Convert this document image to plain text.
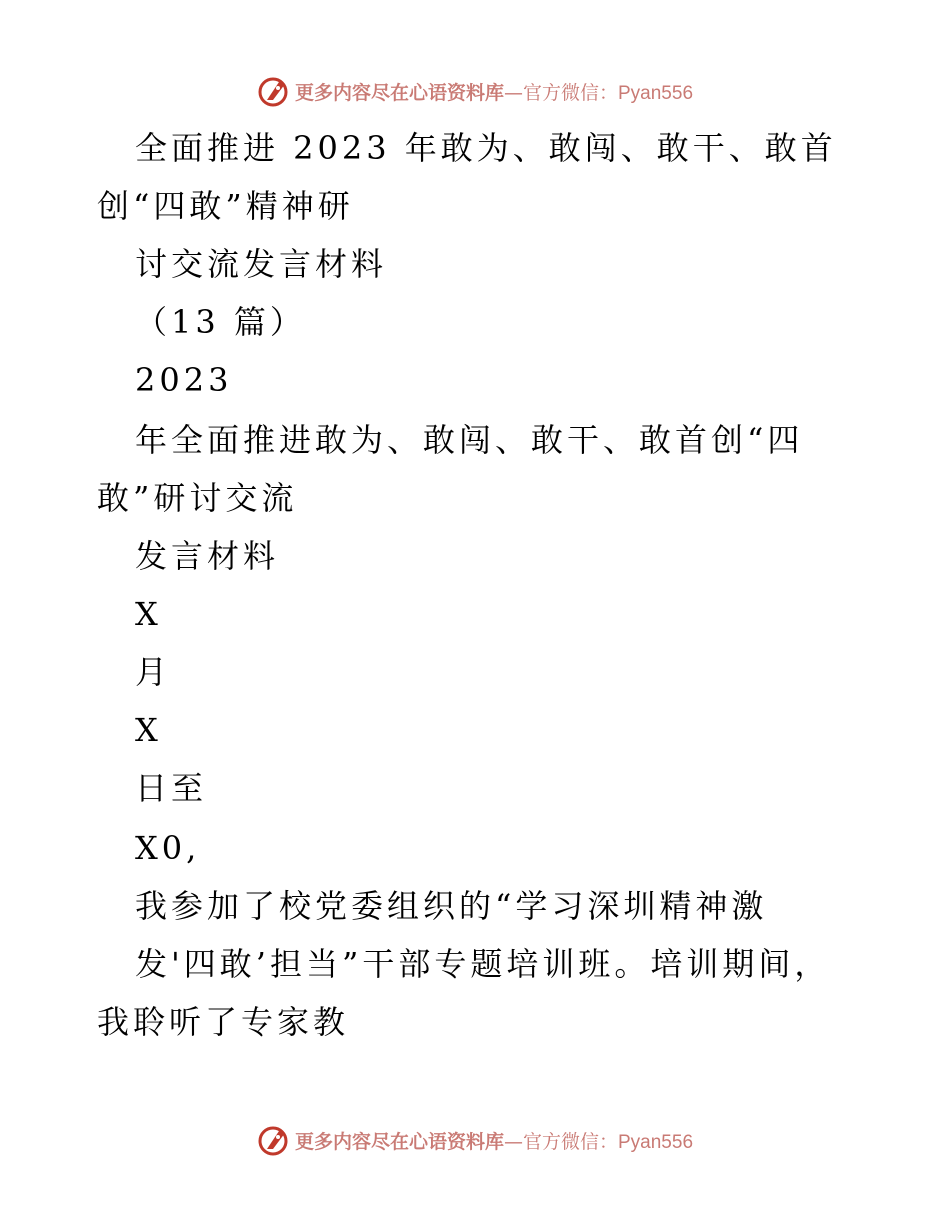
更多内容尽在心语资料库—官方微信：Pyan556
全面推进 2023 年敢为、敢闯、敢干、敢首
创“四敢”精神研
讨交流发言材料
（13 篇）
2023
年全面推进敢为、敢闯、敢干、敢首创“四
敢”研讨交流
发言材料
X
月
X
日至
X0,
我参加了校党委组织的“学习深圳精神激
发'四敢’担当”干部专题培训班。培训期间，
我聆听了专家教
更多内容尽在心语资料库—官方微信：Pyan556
